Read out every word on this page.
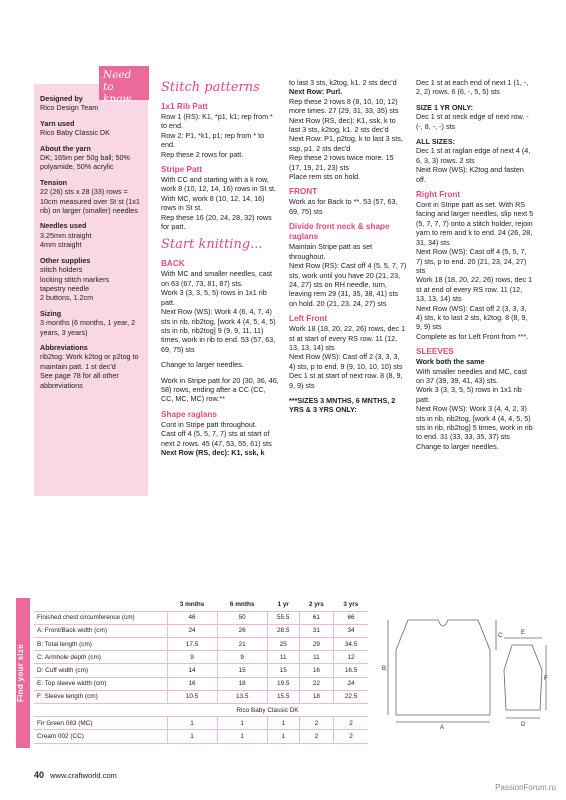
Need to know...
Designed by
Rico Design Team
Yarn used
Rico Baby Classic DK
About the yarn
DK; 165m per 50g ball; 50% polyamide, 50% acrylic
Tension
22 (26) sts x 28 (33) rows = 10cm measured over St st (1x1 rib) on larger (smaller) needles
Needles used
3.25mm straight
4mm straight
Other supplies
stitch holders
locking stitch markers
tapestry needle
2 buttons, 1.2cm
Sizing
3 months (6 months, 1 year, 2 years, 3 years)
Abbreviations
rib2tog: Work k2tog or p2tog to maintain patt. 1 st dec'd
See page 78 for all other abbreviations
Stitch patterns
1x1 Rib Patt

Row 1 (RS): K1, *p1, k1; rep from * to end.

Row 2: P1, *k1, p1; rep from * to end.

Rep these 2 rows for patt.

Stripe Patt

With CC and starting with a k row, work 8 (10, 12, 14, 16) rows in St st.
With MC, work 8 (10, 12, 14, 16) rows in St st.
Rep these 16 (20, 24, 28, 32) rows for patt.

Start knitting...
BACK

With MC and smaller needles, cast on 63 (67, 73, 81, 87) sts.

Work 3 (3, 3, 5, 5) rows in 1x1 rib patt.

Next Row (WS): Work 4 (6, 4, 7, 4) sts in rib, rib2tog, [work 4 (4, 5, 4, 5) sts in rib, rib2tog] 9 (9, 9, 11, 11) times, work in rib to end. 53 (57, 63, 69, 75) sts

Change to larger needles.

Work in Stripe patt for 20 (30, 36, 46, 58) rows, ending after a CC (CC, CC, MC, MC) row.**

Shape raglans

Cont in Stripe patt throughout.

Cast off 4 (5, 5, 7, 7) sts at start of next 2 rows. 45 (47, 53, 55, 61) sts

Next Row (RS, dec): K1, ssk, k

to last 3 sts, k2tog, k1. 2 sts dec'd

Next Row: Purl.

Rep these 2 rows 8 (8, 10, 10, 12) more times. 27 (29, 31, 33, 35) sts

Next Row (RS, dec): K1, ssk, k to last 3 sts, k2tog, k1. 2 sts dec'd

Next Row: P1, p2tog, k to last 3 sts, ssp, p1. 2 sts dec'd

Rep these 2 rows twice more. 15 (17, 19, 21, 23) sts

Place rem sts on hold.

FRONT

Work as for Back to **. 53 (57, 63, 69, 75) sts

Divide front neck & shape raglans

Maintain Stripe patt as set throughout.

Next Row (RS): Cast off 4 (5, 5, 7, 7) sts, work until you have 20 (21, 23, 24, 27) sts on RH needle, turn, leaving rem 29 (31, 35, 38, 41) sts on hold. 20 (21, 23, 24, 27) sts

Left Front

Work 18 (18, 20, 22, 26) rows, dec 1 st at start of every RS row. 11 (12, 13, 13, 14) sts

Next Row (WS): Cast off 2 (3, 3, 3, 4) sts, p to end. 9 (9, 10, 10, 10) sts

Dec 1 st at start of next row. 8 (8, 9, 9, 9) sts

***SIZES 3 MNTHS, 6 MNTHS, 2 YRS & 3 YRS ONLY:

Dec 1 st at each end of next 1 (1, -, 2, 2) rows. 6 (6, -, 5, 5) sts

SIZE 1 YR ONLY:

Dec 1 st at neck edge of next row. - (-, 8, -, -) sts

ALL SIZES:

Dec 1 st at raglan edge of next 4 (4, 6, 3, 3) rows. 2 sts

Next Row (WS): K2tog and fasten off.

Right Front

Cont in Stripe patt as set. With RS facing and larger needles, slip next 5 (5, 7, 7, 7) onto a stitch holder, rejoin yarn to rem and k to end. 24 (26, 28, 31, 34) sts

Next Row (WS): Cast off 4 (5, 5, 7, 7) sts, p to end. 20 (21, 23, 24, 27) sts

Work 18 (18, 20, 22, 26) rows, dec 1 st at end of every RS row. 11 (12, 13, 13, 14) sts

Next Row (WS): Cast off 2 (3, 3, 3, 4) sts, k to last 2 sts, k2tog. 8 (8, 9, 9, 9) sts

Complete as for Left Front from ***.

SLEEVES

Work both the same

With smaller needles and MC, cast on 37 (39, 39, 41, 43) sts.

Work 3 (3, 3, 5, 5) rows in 1x1 rib patt.

Next Row (WS): Work 3 (4, 4, 2, 3) sts in rib, rib2tog, [work 4 (4, 4, 5, 5) sts in rib, rib2tog] 5 times, work in rib to end. 31 (33, 33, 35, 37) sts

Change to larger needles.

Find your size
	3 mnths	6 mnths	1 yr	2 yrs	3 yrs
Finished chest circumference (cm)	46	50	55.5	61	66
A: Front/Back width (cm)	24	26	28.5	31	34
B: Total length (cm)	17.5	21	25	29	34.5
C: Armhole depth (cm)	9	9	11	11	12
D: Cuff width (cm)	14	15	15	16	16.5
E: Top sleeve width (cm)	16	18	19.5	22	24
F: Sleeve length (cm)	10.5	13.5	15.5	18	22.5
	Rico Baby Classic DK				
Fir Green 083 (MC)	1	1	1	2	2
Cream 002 (CC)	1	1	1	2	2
A
B
C
D
E
F
40 www.craftworld.com
PassionForum.ru
